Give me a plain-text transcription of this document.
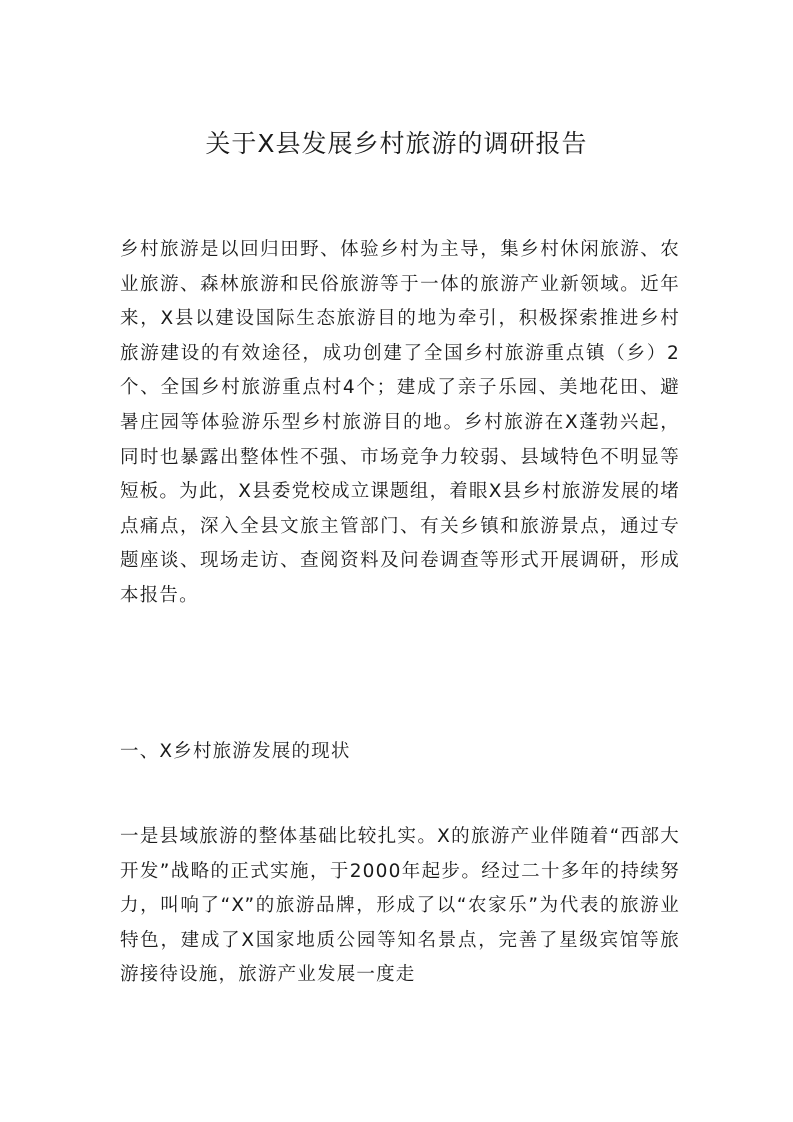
关于X县发展乡村旅游的调研报告

乡村旅游是以回归田野、体验乡村为主导，集乡村休闲旅游、农业旅游、森林旅游和民俗旅游等于一体的旅游产业新领域。近年来，X县以建设国际生态旅游目的地为牵引，积极探索推进乡村旅游建设的有效途径，成功创建了全国乡村旅游重点镇（乡）2个、全国乡村旅游重点村4个；建成了亲子乐园、美地花田、避暑庄园等体验游乐型乡村旅游目的地。乡村旅游在X蓬勃兴起，同时也暴露出整体性不强、市场竞争力较弱、县域特色不明显等短板。为此，X县委党校成立课题组，着眼X县乡村旅游发展的堵点痛点，深入全县文旅主管部门、有关乡镇和旅游景点，通过专题座谈、现场走访、查阅资料及问卷调查等形式开展调研，形成本报告。

一、X乡村旅游发展的现状

一是县域旅游的整体基础比较扎实。X的旅游产业伴随着“西部大开发”战略的正式实施，于2000年起步。经过二十多年的持续努力，叫响了“X”的旅游品牌，形成了以“农家乐”为代表的旅游业特色，建成了X国家地质公园等知名景点，完善了星级宾馆等旅游接待设施，旅游产业发展一度走
